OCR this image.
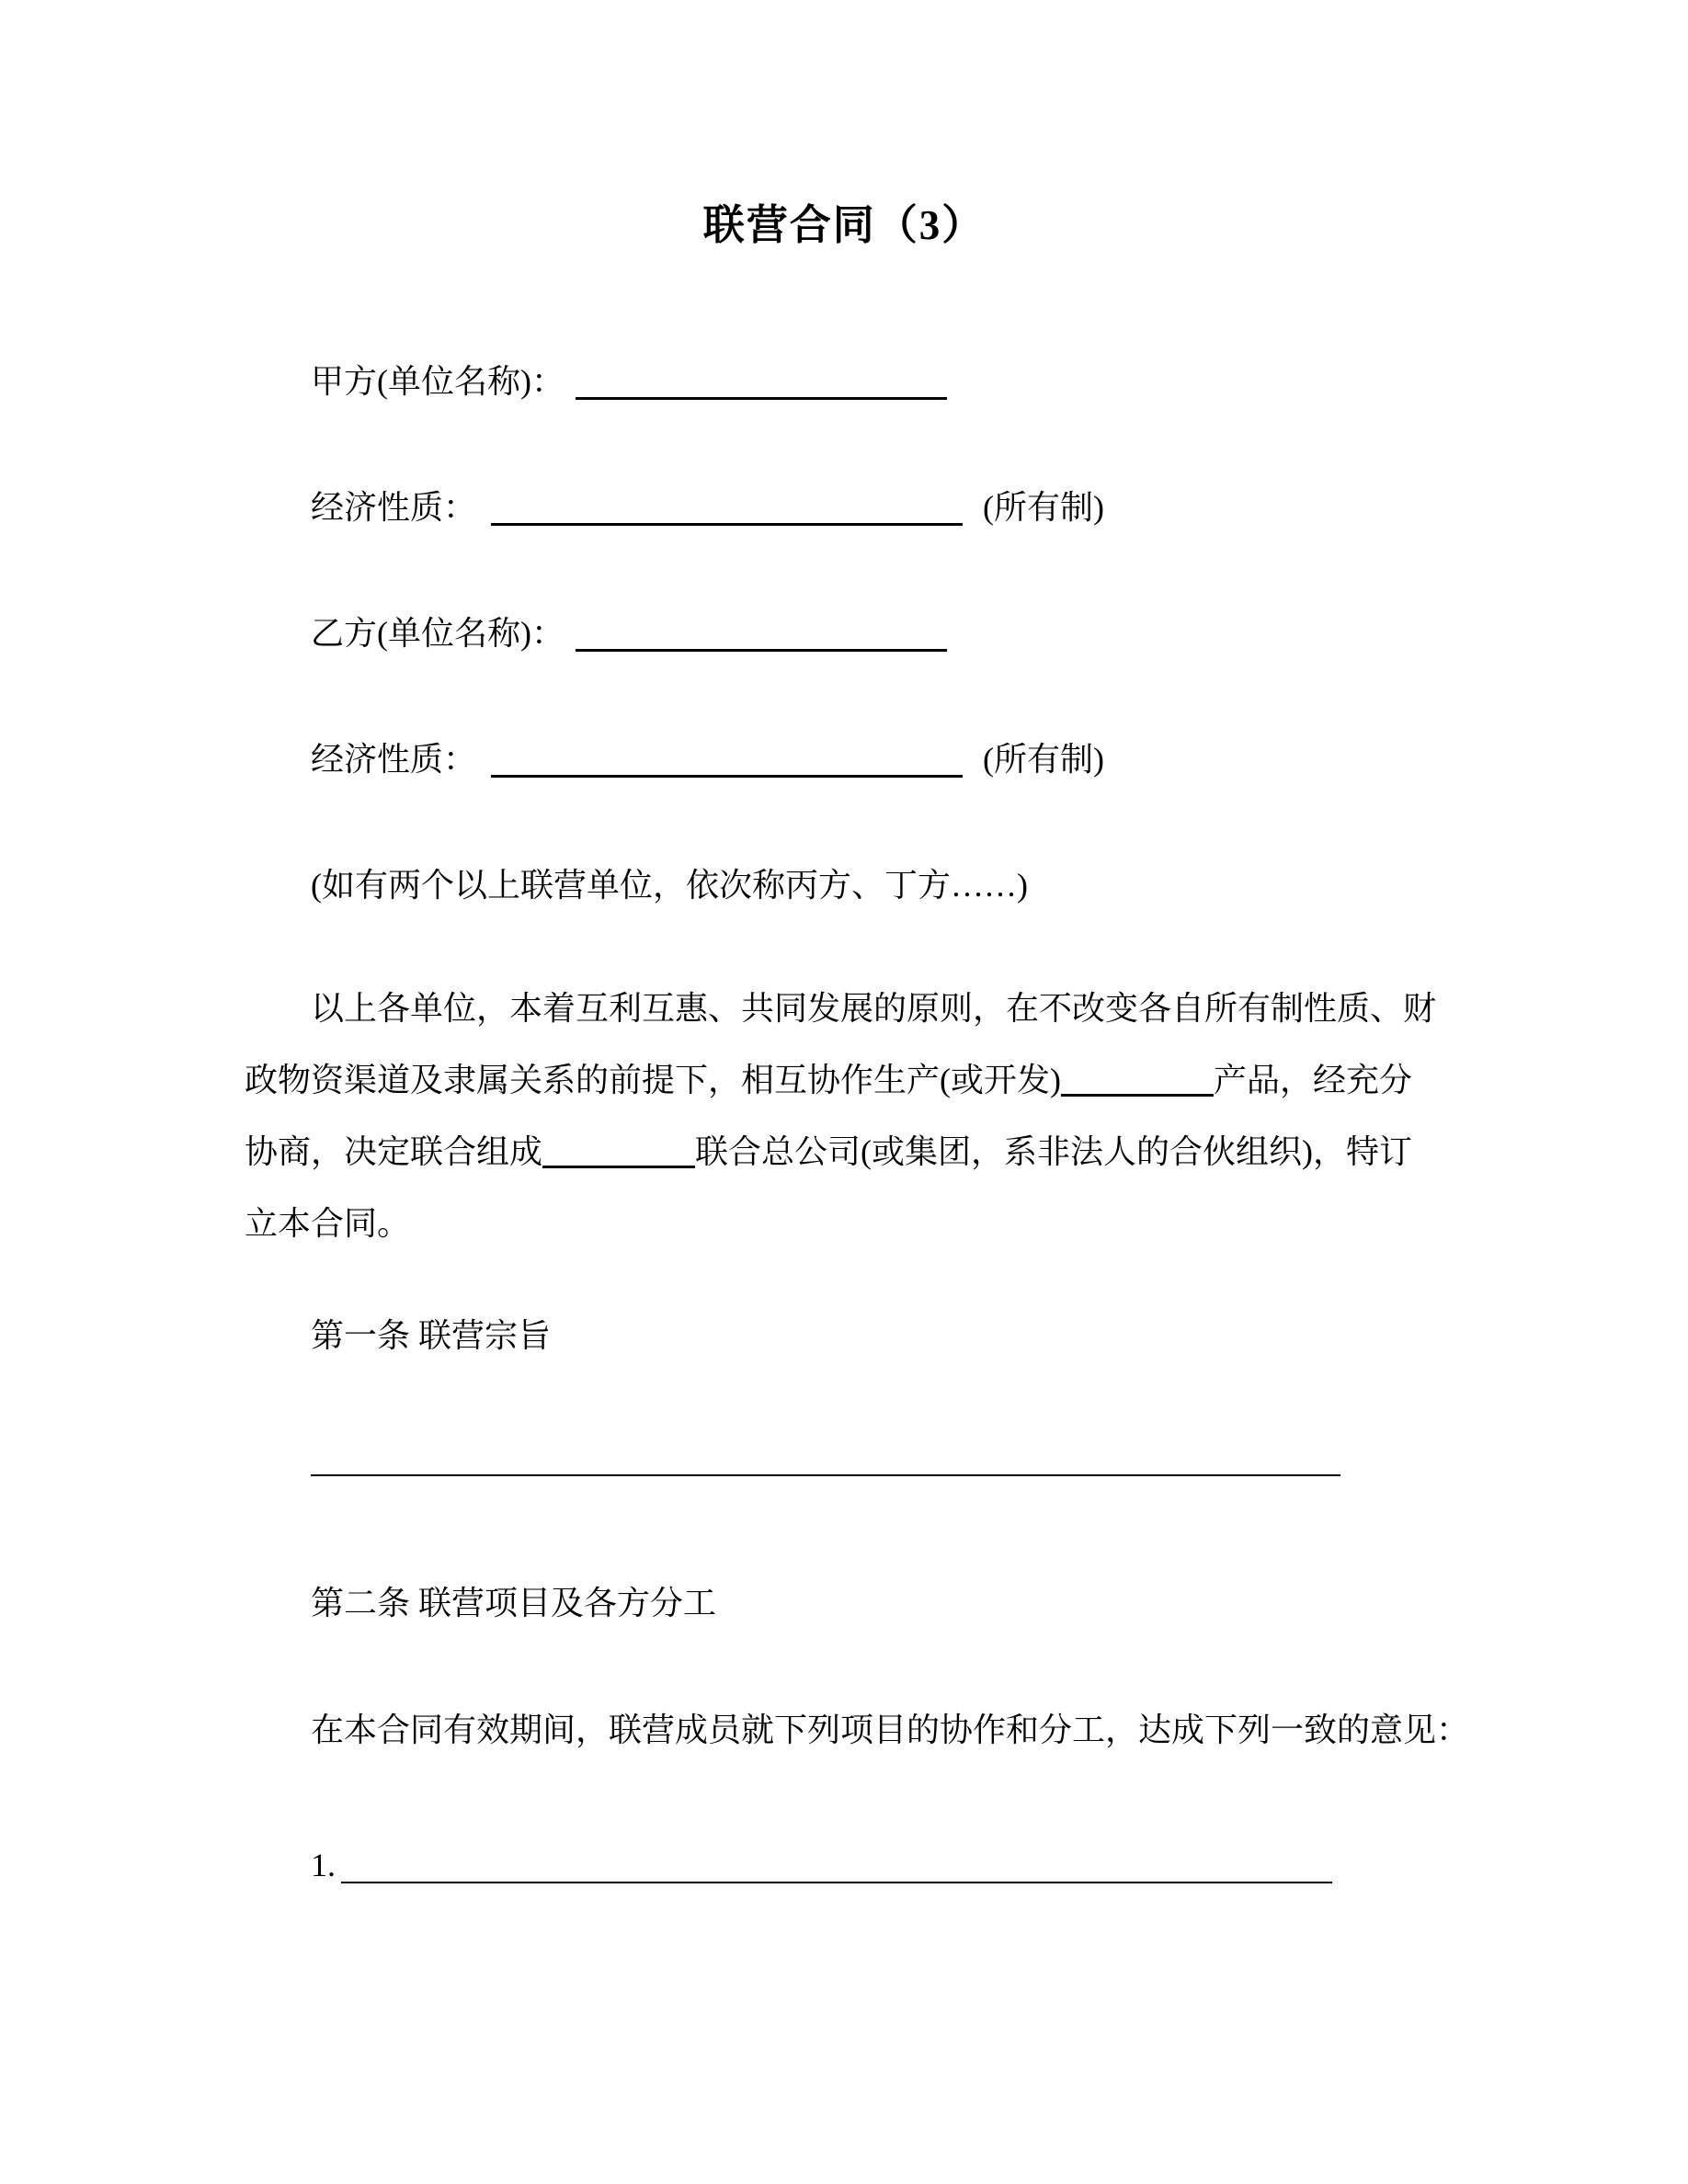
联营合同（3）
甲方(单位名称)：
经济性质：	(所有制)
乙方(单位名称)：
经济性质：	(所有制)
(如有两个以上联营单位，依次称丙方、丁方……)
以上各单位，本着互利互惠、共同发展的原则，在不改变各自所有制性质、财
政物资渠道及隶属关系的前提下，相互协作生产(或开发)	产品，经充分
协商，决定联合组成	联合总公司(或集团，系非法人的合伙组织)，特订
立本合同。
第一条 联营宗旨
第二条 联营项目及各方分工
在本合同有效期间，联营成员就下列项目的协作和分工，达成下列一致的意见：
1.
